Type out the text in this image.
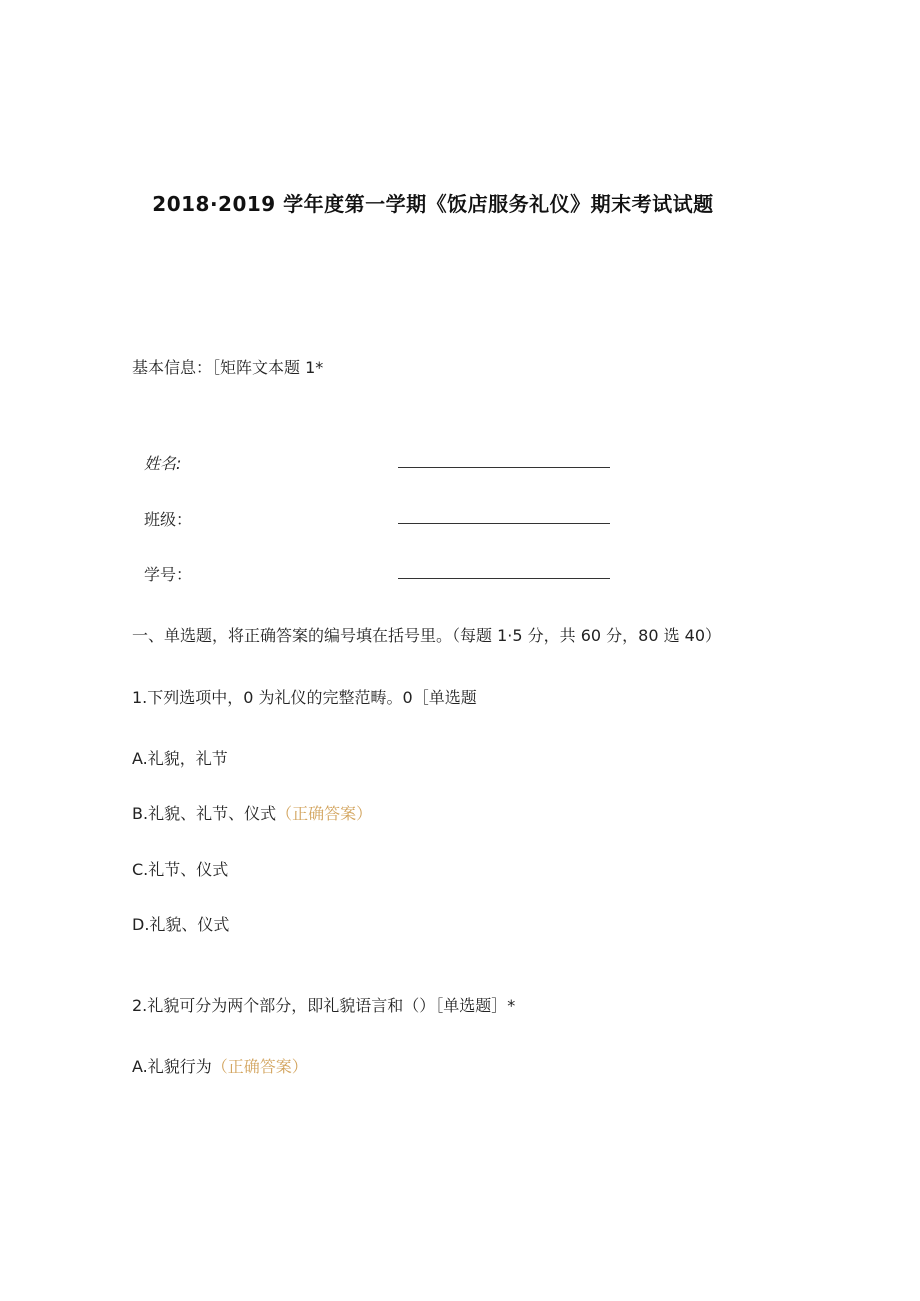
2018·2019 学年度第一学期《饭店服务礼仪》期末考试试题
基本信息：［矩阵文本题 1*
姓名:
班级：
学号：
一、单选题，将正确答案的编号填在括号里。（每题 1·5 分，共 60 分，80 选 40）
1.下列选项中，0 为礼仪的完整范畴。0［单选题
A.礼貌，礼节
B.礼貌、礼节、仪式（正确答案）
C.礼节、仪式
D.礼貌、仪式
2.礼貌可分为两个部分，即礼貌语言和（）［单选题］*
A.礼貌行为（正确答案）
